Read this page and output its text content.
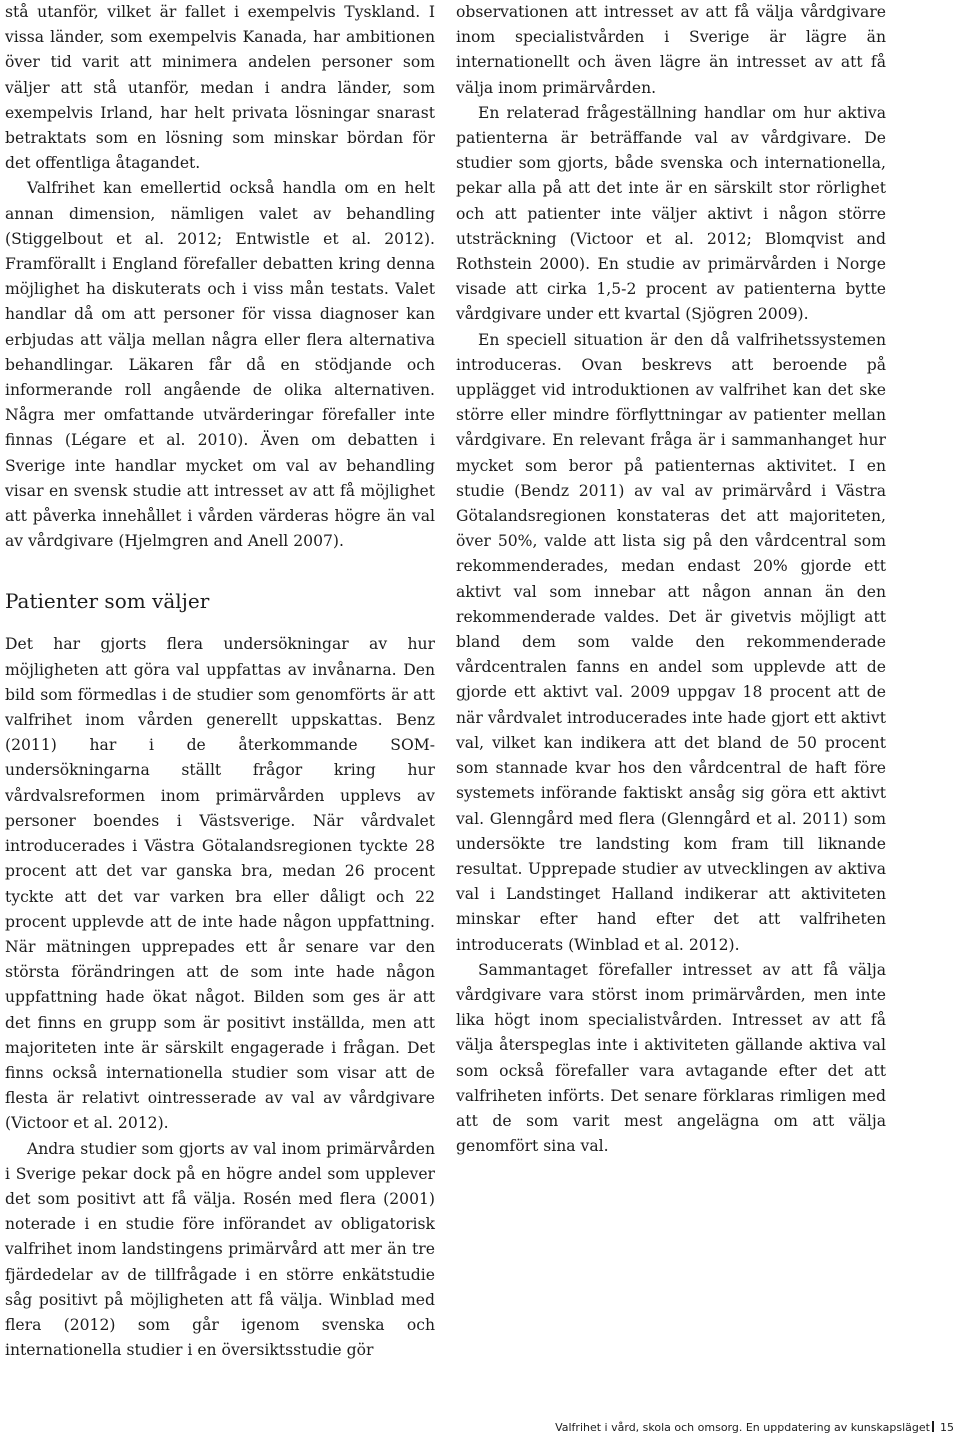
stå utanför, vilket är fallet i exempelvis Tyskland. I vissa länder, som exempelvis Kanada, har ambitionen över tid varit att minimera andelen personer som väljer att stå utanför, medan i andra länder, som exempelvis Irland, har helt privata lösningar snarast betraktats som en lösning som minskar bördan för det offentliga åtagandet.

Valfrihet kan emellertid också handla om en helt annan dimension, nämligen valet av behandling (Stiggelbout et al. 2012; Entwistle et al. 2012). Framförallt i England förefaller debatten kring denna möjlighet ha diskuterats och i viss mån testats. Valet handlar då om att personer för vissa diagnoser kan erbjudas att välja mellan några eller flera alternativa behandlingar. Läkaren får då en stödjande och informerande roll angående de olika alternativen. Några mer omfattande utvärderingar förefaller inte finnas (Légare et al. 2010). Även om debatten i Sverige inte handlar mycket om val av behandling visar en svensk studie att intresset av att få möjlighet att påverka innehållet i vården värderas högre än val av vårdgivare (Hjelmgren and Anell 2007).

Patienter som väljer

Det har gjorts flera undersökningar av hur möjligheten att göra val uppfattas av invånarna. Den bild som förmedlas i de studier som genomförts är att valfrihet inom vården generellt uppskattas. Benz (2011) har i de återkommande SOM-undersökningarna ställt frågor kring hur vårdvalsreformen inom primärvården upplevs av personer boendes i Västsverige. När vårdvalet introducerades i Västra Götalandsregionen tyckte 28 procent att det var ganska bra, medan 26 procent tyckte att det var varken bra eller dåligt och 22 procent upplevde att de inte hade någon uppfattning. När mätningen upprepades ett år senare var den största förändringen att de som inte hade någon uppfattning hade ökat något. Bilden som ges är att det finns en grupp som är positivt inställda, men att majoriteten inte är särskilt engagerade i frågan. Det finns också internationella studier som visar att de flesta är relativt ointresserade av val av vårdgivare (Victoor et al. 2012).

Andra studier som gjorts av val inom primärvården i Sverige pekar dock på en högre andel som upplever det som positivt att få välja. Rosén med flera (2001) noterade i en studie före införandet av obligatorisk valfrihet inom landstingens primärvård att mer än tre fjärdedelar av de tillfrågade i en större enkätstudie såg positivt på möjligheten att få välja. Winblad med flera (2012) som går igenom svenska och internationella studier i en översiktsstudie gör

observationen att intresset av att få välja vårdgivare inom specialistvården i Sverige är lägre än internationellt och även lägre än intresset av att få välja inom primärvården.

En relaterad frågeställning handlar om hur aktiva patienterna är beträffande val av vårdgivare. De studier som gjorts, både svenska och internationella, pekar alla på att det inte är en särskilt stor rörlighet och att patienter inte väljer aktivt i någon större utsträckning (Victoor et al. 2012; Blomqvist and Rothstein 2000). En studie av primärvården i Norge visade att cirka 1,5-2 procent av patienterna bytte vårdgivare under ett kvartal (Sjögren 2009).

En speciell situation är den då valfrihetssystemen introduceras. Ovan beskrevs att beroende på upplägget vid introduktionen av valfrihet kan det ske större eller mindre förflyttningar av patienter mellan vårdgivare. En relevant fråga är i sammanhanget hur mycket som beror på patienternas aktivitet. I en studie (Bendz 2011) av val av primärvård i Västra Götalandsregionen konstateras det att majoriteten, över 50%, valde att lista sig på den vårdcentral som rekommenderades, medan endast 20% gjorde ett aktivt val som innebar att någon annan än den rekommenderade valdes. Det är givetvis möjligt att bland dem som valde den rekommenderade vårdcentralen fanns en andel som upplevde att de gjorde ett aktivt val. 2009 uppgav 18 procent att de när vårdvalet introducerades inte hade gjort ett aktivt val, vilket kan indikera att det bland de 50 procent som stannade kvar hos den vårdcentral de haft före systemets införande faktiskt ansåg sig göra ett aktivt val. Glenngård med flera (Glenngård et al. 2011) som undersökte tre landsting kom fram till liknande resultat. Upprepade studier av utvecklingen av aktiva val i Landstinget Halland indikerar att aktiviteten minskar efter hand efter det att valfriheten introducerats (Winblad et al. 2012).

Sammantaget förefaller intresset av att få välja vårdgivare vara störst inom primärvården, men inte lika högt inom specialistvården. Intresset av att få välja återspeglas inte i aktiviteten gällande aktiva val som också förefaller vara avtagande efter det att valfriheten införts. Det senare förklaras rimligen med att de som varit mest angelägna om att välja genomfört sina val.

Valfrihet i vård, skola och omsorg. En uppdatering av kunskapsläget 15
